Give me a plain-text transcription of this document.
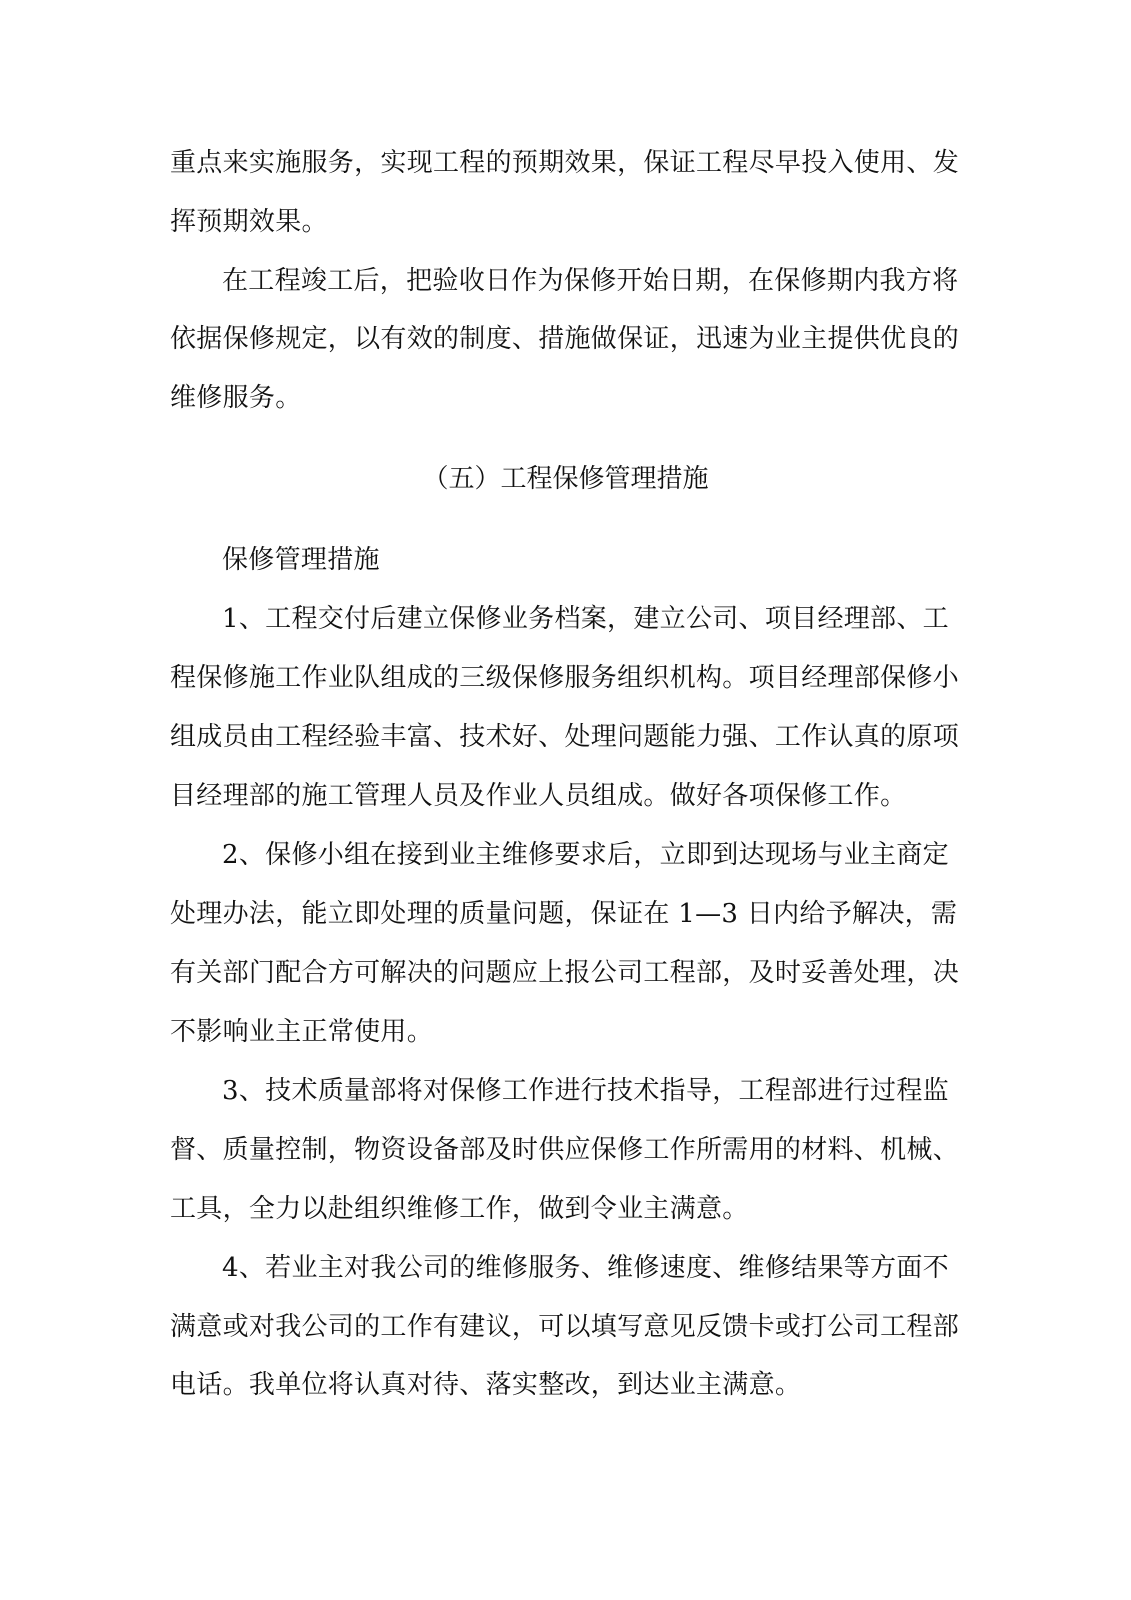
重点来实施服务，实现工程的预期效果，保证工程尽早投入使用、发
挥预期效果。
在工程竣工后，把验收日作为保修开始日期，在保修期内我方将
依据保修规定，以有效的制度、措施做保证，迅速为业主提供优良的
维修服务。
（五）工程保修管理措施
保修管理措施
1、工程交付后建立保修业务档案，建立公司、项目经理部、工
程保修施工作业队组成的三级保修服务组织机构。项目经理部保修小
组成员由工程经验丰富、技术好、处理问题能力强、工作认真的原项
目经理部的施工管理人员及作业人员组成。做好各项保修工作。
2、保修小组在接到业主维修要求后，立即到达现场与业主商定
处理办法，能立即处理的质量问题，保证在 1—3 日内给予解决，需
有关部门配合方可解决的问题应上报公司工程部，及时妥善处理，决
不影响业主正常使用。
3、技术质量部将对保修工作进行技术指导，工程部进行过程监
督、质量控制，物资设备部及时供应保修工作所需用的材料、机械、
工具，全力以赴组织维修工作，做到令业主满意。
4、若业主对我公司的维修服务、维修速度、维修结果等方面不
满意或对我公司的工作有建议，可以填写意见反馈卡或打公司工程部
电话。我单位将认真对待、落实整改，到达业主满意。
